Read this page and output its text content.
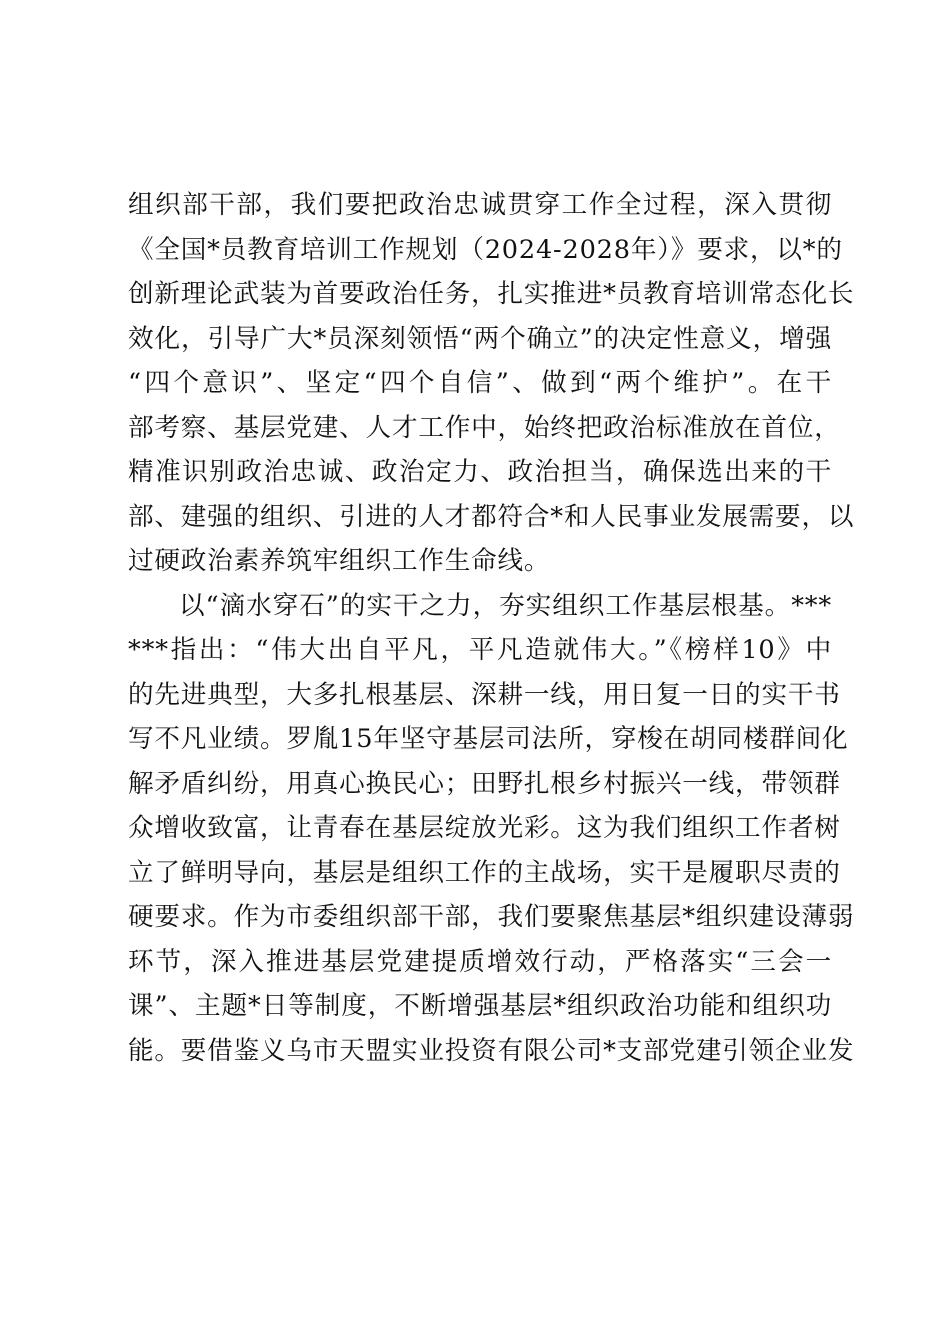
组织部干部，我们要把政治忠诚贯穿工作全过程，深入贯彻
《全国*员教育培训工作规划（2024-2028年）》要求，以*的
创新理论武装为首要政治任务，扎实推进*员教育培训常态化长
效化，引导广大*员深刻领悟“两个确立”的决定性意义，增强
“四个意识”、坚定“四个自信”、做到“两个维护”。在干
部考察、基层党建、人才工作中，始终把政治标准放在首位，
精准识别政治忠诚、政治定力、政治担当，确保选出来的干
部、建强的组织、引进的人才都符合*和人民事业发展需要，以
过硬政治素养筑牢组织工作生命线。
以“滴水穿石”的实干之力，夯实组织工作基层根基。***
***指出：“伟大出自平凡，平凡造就伟大。”《榜样10》中
的先进典型，大多扎根基层、深耕一线，用日复一日的实干书
写不凡业绩。罗胤15年坚守基层司法所，穿梭在胡同楼群间化
解矛盾纠纷，用真心换民心；田野扎根乡村振兴一线，带领群
众增收致富，让青春在基层绽放光彩。这为我们组织工作者树
立了鲜明导向，基层是组织工作的主战场，实干是履职尽责的
硬要求。作为市委组织部干部，我们要聚焦基层*组织建设薄弱
环节，深入推进基层党建提质增效行动，严格落实“三会一
课”、主题*日等制度，不断增强基层*组织政治功能和组织功
能。要借鉴义乌市天盟实业投资有限公司*支部党建引领企业发
